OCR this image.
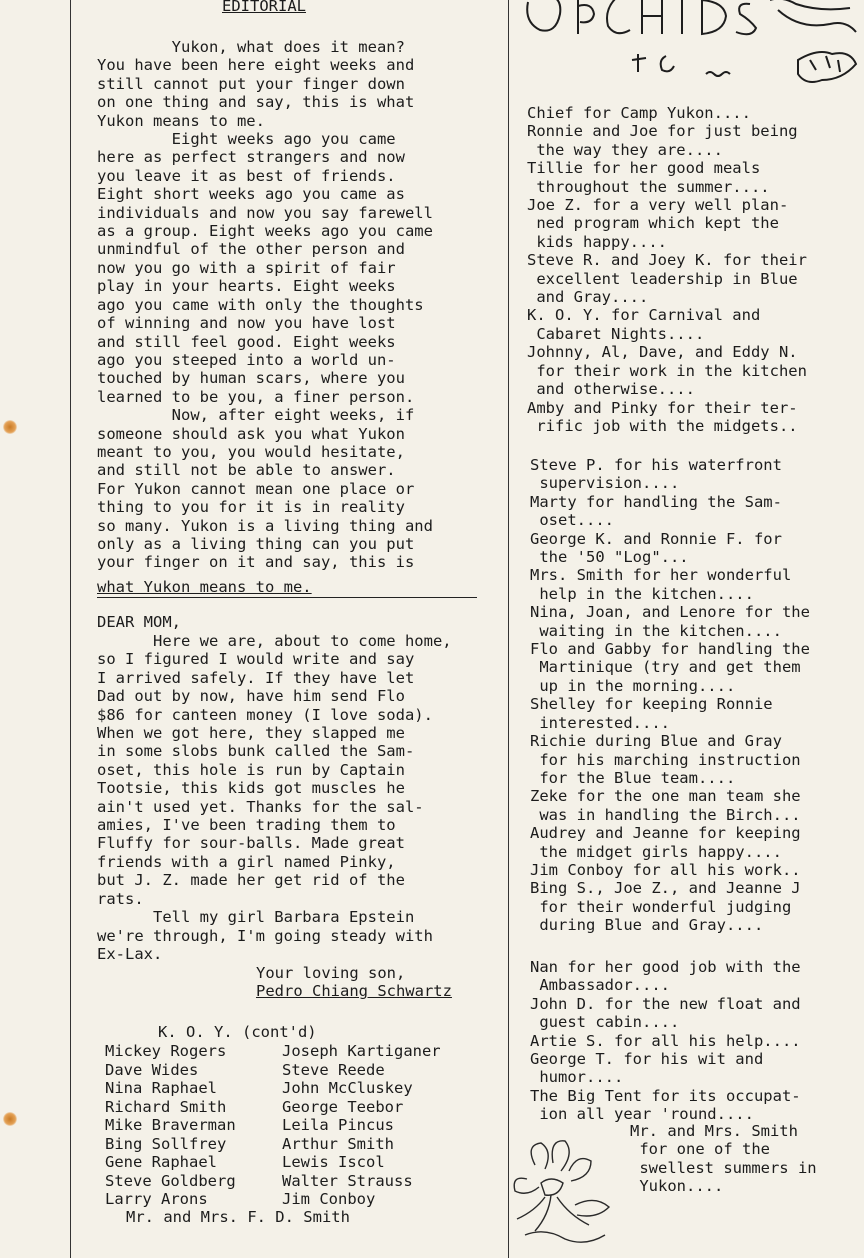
EDITORIAL
Yukon, what does it mean?
You have been here eight weeks and
still cannot put your finger down
on one thing and say, this is what
Yukon means to me.
Eight weeks ago you came
here as perfect strangers and now
you leave it as best of friends.
Eight short weeks ago you came as
individuals and now you say farewell
as a group. Eight weeks ago you came
unmindful of the other person and
now you go with a spirit of fair
play in your hearts. Eight weeks
ago you came with only the thoughts
of winning and now you have lost
and still feel good. Eight weeks
ago you steeped into a world un-
touched by human scars, where you
learned to be you, a finer person.
Now, after eight weeks, if
someone should ask you what Yukon
meant to you, you would hesitate,
and still not be able to answer.
For Yukon cannot mean one place or
thing to you for it is in reality
so many. Yukon is a living thing and
only as a living thing can you put
your finger on it and say, this is
what Yukon means to me.
DEAR MOM,
Here we are, about to come home,
so I figured I would write and say
I arrived safely. If they have let
Dad out by now, have him send Flo
$86 for canteen money (I love soda).
When we got here, they slapped me
in some slobs bunk called the Sam-
oset, this hole is run by Captain
Tootsie, this kids got muscles he
ain't used yet. Thanks for the sal-
amies, I've been trading them to
Fluffy for sour-balls. Made great
friends with a girl named Pinky,
but J. Z. made her get rid of the
rats.
Tell my girl Barbara Epstein
we're through, I'm going steady with
Ex-Lax.
Your loving son,
Pedro Chiang Schwartz
K. O. Y. (cont'd)
Mickey Rogers
Dave Wides
Nina Raphael
Richard Smith
Mike Braverman
Bing Sollfrey
Gene Raphael
Steve Goldberg
Larry Arons
Joseph Kartiganer
Steve Reede
John McCluskey
George Teebor
Leila Pincus
Arthur Smith
Lewis Iscol
Walter Strauss
Jim Conboy
Mr. and Mrs. F. D. Smith
Chief for Camp Yukon....
Ronnie and Joe for just being
the way they are....
Tillie for her good meals
throughout the summer....
Joe Z. for a very well plan-
ned program which kept the
kids happy....
Steve R. and Joey K. for their
excellent leadership in Blue
and Gray....
K. O. Y. for Carnival and
Cabaret Nights....
Johnny, Al, Dave, and Eddy N.
for their work in the kitchen
and otherwise....
Amby and Pinky for their ter-
rific job with the midgets..
Steve P. for his waterfront
supervision....
Marty for handling the Sam-
oset....
George K. and Ronnie F. for
the '50 "Log"...
Mrs. Smith for her wonderful
help in the kitchen....
Nina, Joan, and Lenore for the
waiting in the kitchen....
Flo and Gabby for handling the
Martinique (try and get them
up in the morning....
Shelley for keeping Ronnie
interested....
Richie during Blue and Gray
for his marching instruction
for the Blue team....
Zeke for the one man team she
was in handling the Birch...
Audrey and Jeanne for keeping
the midget girls happy....
Jim Conboy for all his work..
Bing S., Joe Z., and Jeanne J
for their wonderful judging
during Blue and Gray....
Nan for her good job with the
Ambassador....
John D. for the new float and
guest cabin....
Artie S. for all his help....
George T. for his wit and
humor....
The Big Tent for its occupat-
ion all year 'round....
Mr. and Mrs. Smith
for one of the
swellest summers in
Yukon....
